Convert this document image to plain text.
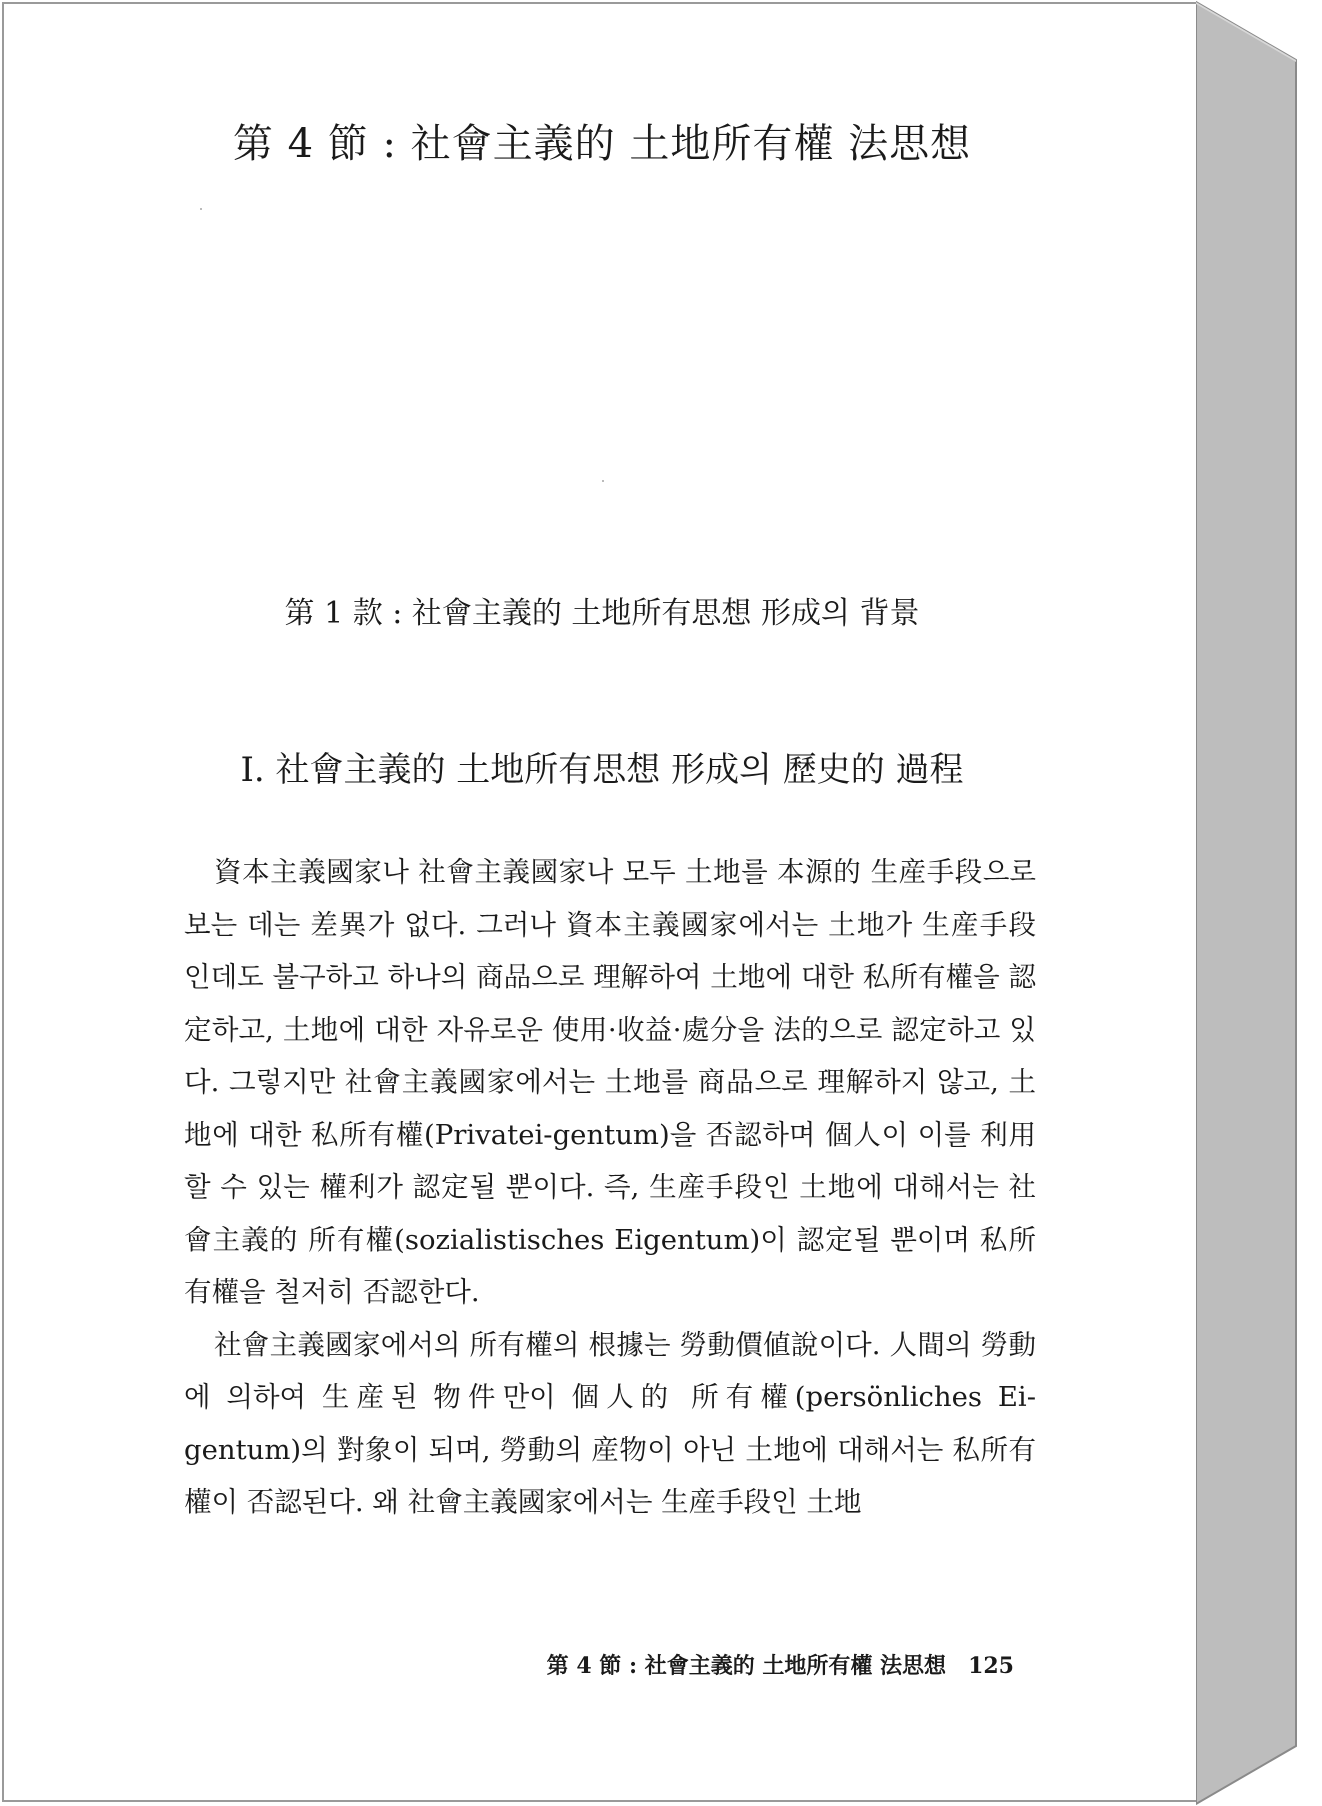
第 4 節 : 社會主義的 土地所有權 法思想
第 1 款 : 社會主義的 土地所有思想 形成의 背景
Ⅰ. 社會主義的 土地所有思想 形成의 歷史的 過程

資本主義國家나 社會主義國家나 모두 土地를 本源的 生産手段으로 보는 데는 差異가 없다. 그러나 資本主義國家에서는 土地가 生産手段인데도 불구하고 하나의 商品으로 理解하여 土地에 대한 私所有權을 認定하고, 土地에 대한 자유로운 使用·收益·處分을 法的으로 認定하고 있다. 그렇지만 社會主義國家에서는 土地를 商品으로 理解하지 않고, 土地에 대한 私所有權(Privatei-gentum)을 否認하며 個人이 이를 利用할 수 있는 權利가 認定될 뿐이다. 즉, 生産手段인 土地에 대해서는 社會主義的 所有權(sozialistisches Eigentum)이 認定될 뿐이며 私所有權을 철저히 否認한다.

社會主義國家에서의 所有權의 根據는 勞動價値說이다. 人間의 勞動에 의하여 生産된 物件만이 個人的 所有權(persönliches Ei-gentum)의 對象이 되며, 勞動의 産物이 아닌 土地에 대해서는 私所有權이 否認된다. 왜 社會主義國家에서는 生産手段인 土地

第 4 節 : 社會主義的 土地所有權 法思想 125
